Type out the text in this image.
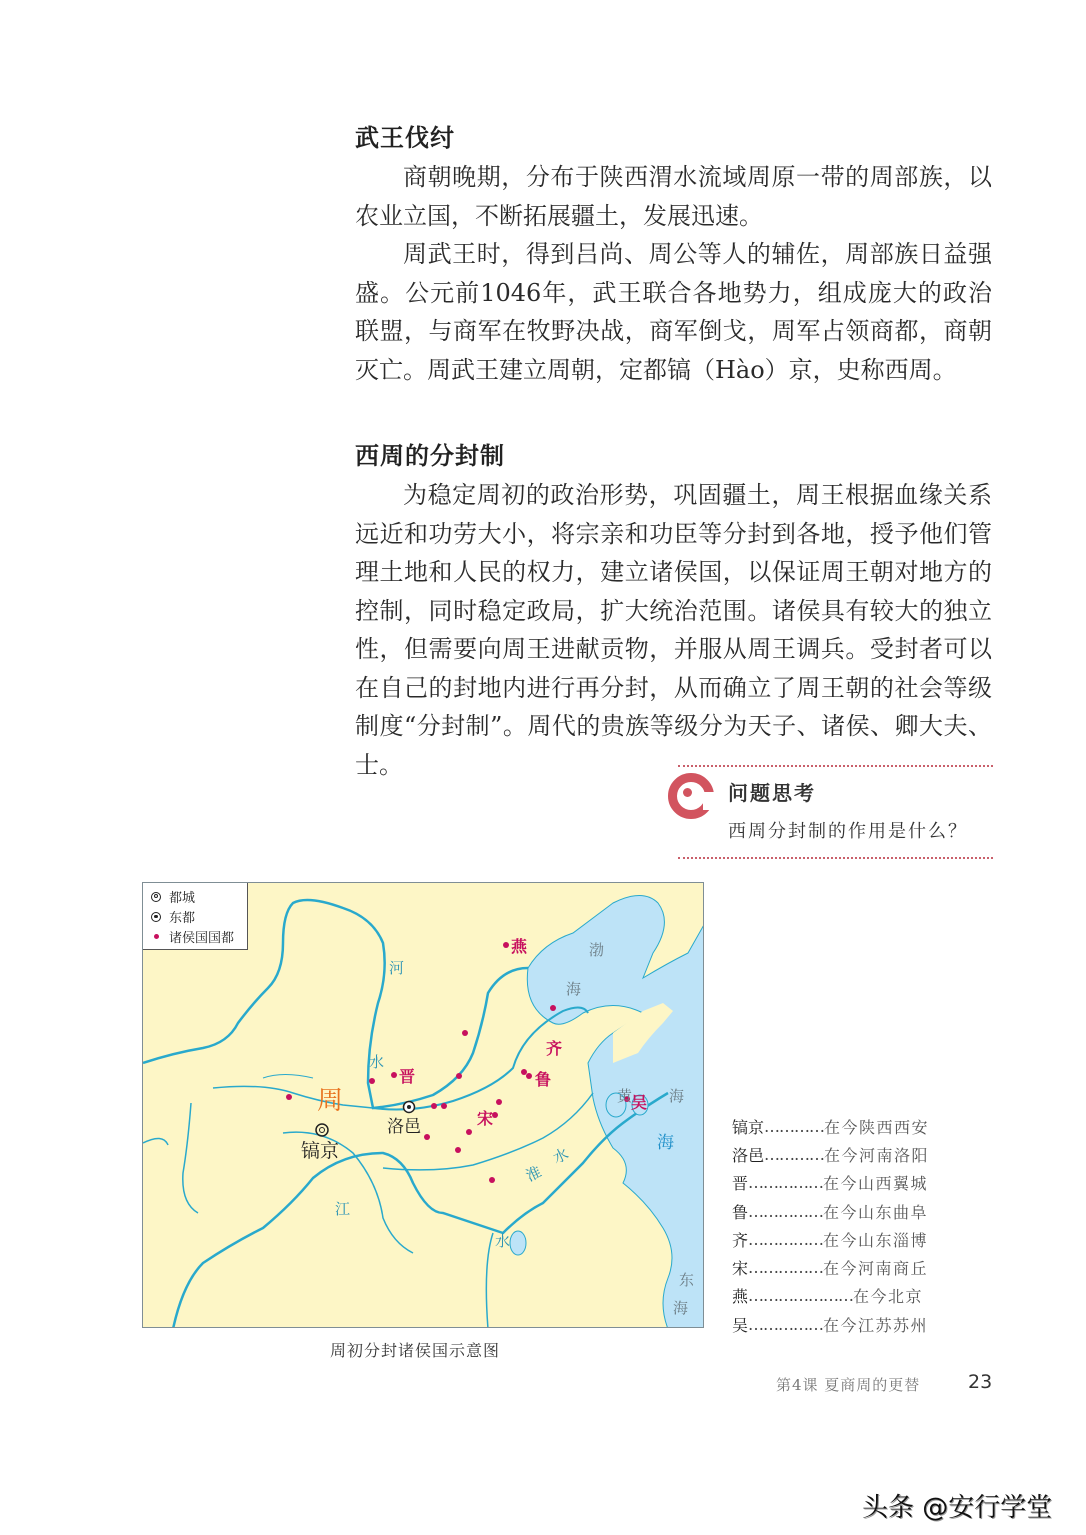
武王伐纣

商朝晚期，分布于陕西渭水流域周原一带的周部族，以农业立国，不断拓展疆土，发展迅速。

周武王时，得到吕尚、周公等人的辅佐，周部族日益强盛。公元前1046年，武王联合各地势力，组成庞大的政治联盟，与商军在牧野决战，商军倒戈，周军占领商都，商朝灭亡。周武王建立周朝，定都镐（Hào）京，史称西周。

西周的分封制

为稳定周初的政治形势，巩固疆土，周王根据血缘关系远近和功劳大小，将宗亲和功臣等分封到各地，授予他们管理土地和人民的权力，建立诸侯国，以保证周王朝对地方的控制，同时稳定政局，扩大统治范围。诸侯具有较大的独立性，但需要向周王进献贡物，并服从周王调兵。受封者可以在自己的封地内进行再分封，从而确立了周王朝的社会等级制度“分封制”。周代的贵族等级分为天子、诸侯、卿大夫、士。

问题思考
西周分封制的作用是什么？
都城
东都
诸侯国国都
周
镐京
洛邑
燕
晋
齐
鲁
宋
吴
河
水
淮
水
江
水
渤
海
黄 海
海
东
海
周初分封诸侯国示意图
镐京 ………… 在今陕西西安
洛邑 ………… 在今河南洛阳
晋 …………… 在今山西翼城
鲁 …………… 在今山东曲阜
齐 …………… 在今山东淄博
宋 …………… 在今河南商丘
燕 ………………… 在今北京
吴 …………… 在今江苏苏州
第4课 夏商周的更替	23
头条 @安行学堂
